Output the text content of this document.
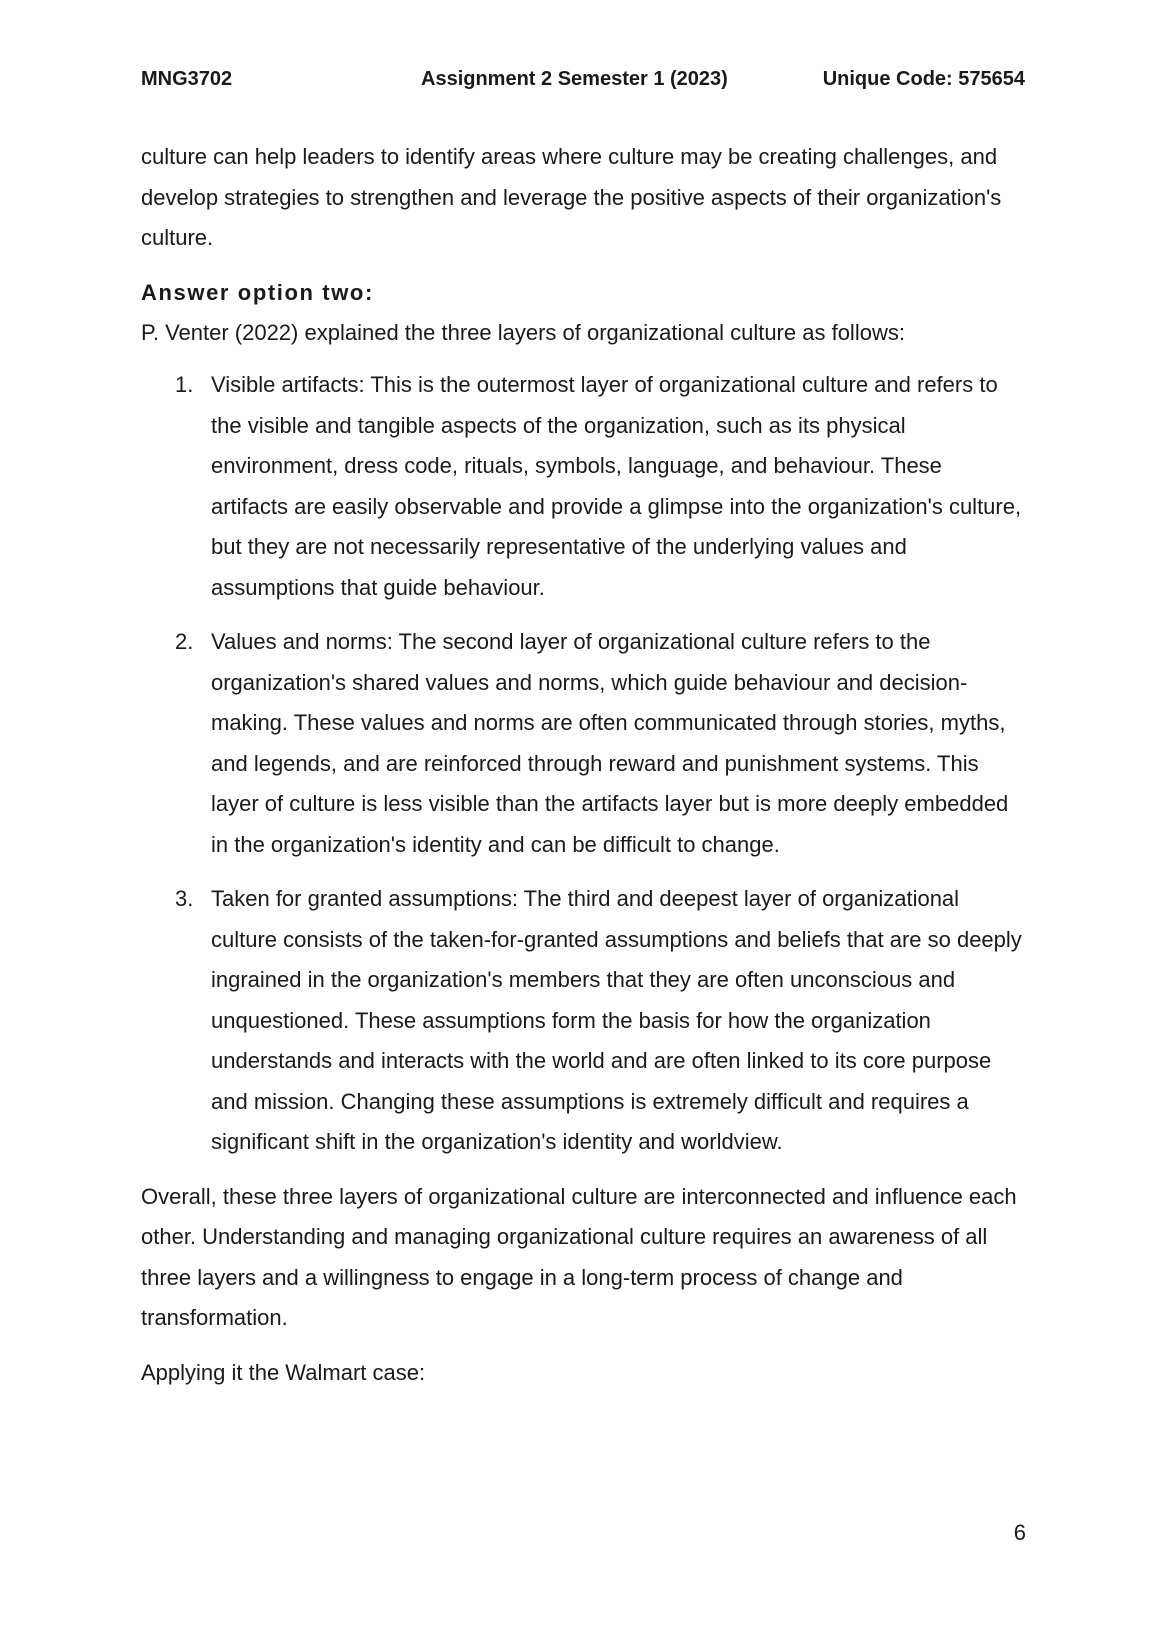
MNG3702	Assignment 2 Semester 1 (2023)	Unique Code: 575654

culture can help leaders to identify areas where culture may be creating challenges, and develop strategies to strengthen and leverage the positive aspects of their organization's culture.

Answer option two:

P. Venter (2022) explained the three layers of organizational culture as follows:

1. Visible artifacts: This is the outermost layer of organizational culture and refers to the visible and tangible aspects of the organization, such as its physical environment, dress code, rituals, symbols, language, and behaviour. These artifacts are easily observable and provide a glimpse into the organization's culture, but they are not necessarily representative of the underlying values and assumptions that guide behaviour.
2. Values and norms: The second layer of organizational culture refers to the organization's shared values and norms, which guide behaviour and decision-making. These values and norms are often communicated through stories, myths, and legends, and are reinforced through reward and punishment systems. This layer of culture is less visible than the artifacts layer but is more deeply embedded in the organization's identity and can be difficult to change.
3. Taken for granted assumptions: The third and deepest layer of organizational culture consists of the taken-for-granted assumptions and beliefs that are so deeply ingrained in the organization's members that they are often unconscious and unquestioned. These assumptions form the basis for how the organization understands and interacts with the world and are often linked to its core purpose and mission. Changing these assumptions is extremely difficult and requires a significant shift in the organization's identity and worldview.

Overall, these three layers of organizational culture are interconnected and influence each other. Understanding and managing organizational culture requires an awareness of all three layers and a willingness to engage in a long-term process of change and transformation.

Applying it the Walmart case:

6
